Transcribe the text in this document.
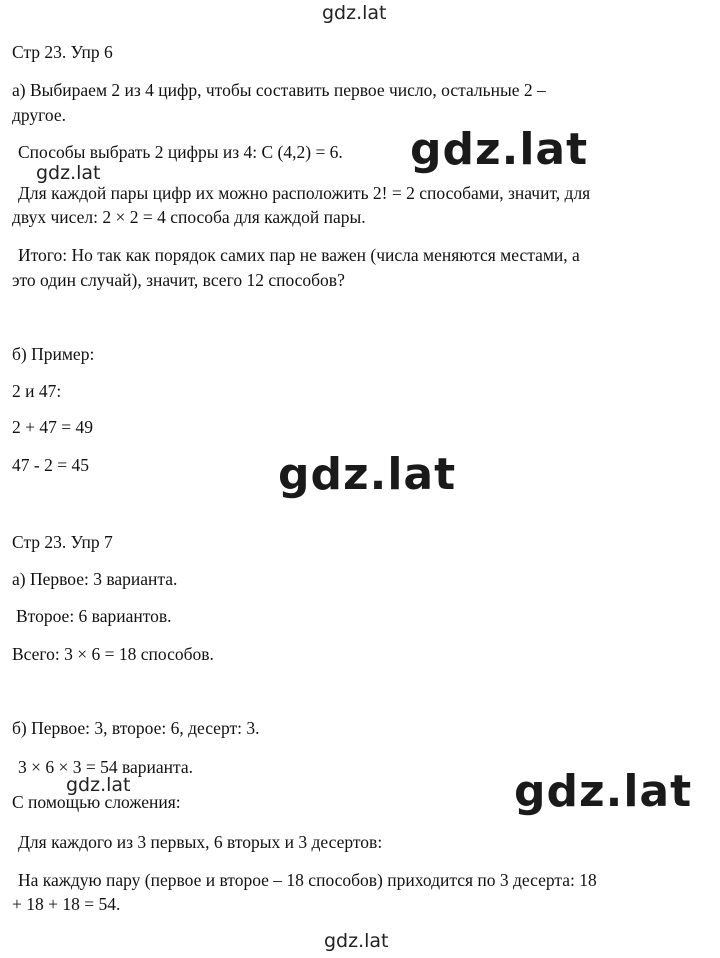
gdz.lat
gdz.lat
gdz.lat
gdz.lat
gdz.lat	gdz.lat
gdz.lat
Стр 23. Упр 6
а) Выбираем 2 из 4 цифр, чтобы составить первое число, остальные 2 –
другое.
Способы выбрать 2 цифры из 4: C (4,2) = 6.
Для каждой пары цифр их можно расположить 2! = 2 способами, значит, для
двух чисел: 2 × 2 = 4 способа для каждой пары.
Итого: Но так как порядок самих пар не важен (числа меняются местами, а
это один случай), значит, всего 12 способов?
б) Пример:
2 и 47:
2 + 47 = 49
47 - 2 = 45
Стр 23. Упр 7
а) Первое: 3 варианта.
Второе: 6 вариантов.
Всего: 3 × 6 = 18 способов.
б) Первое: 3, второе: 6, десерт: 3.
3 × 6 × 3 = 54 варианта.
С помощью сложения:
Для каждого из 3 первых, 6 вторых и 3 десертов:
На каждую пару (первое и второе – 18 способов) приходится по 3 десерта: 18
+ 18 + 18 = 54.
